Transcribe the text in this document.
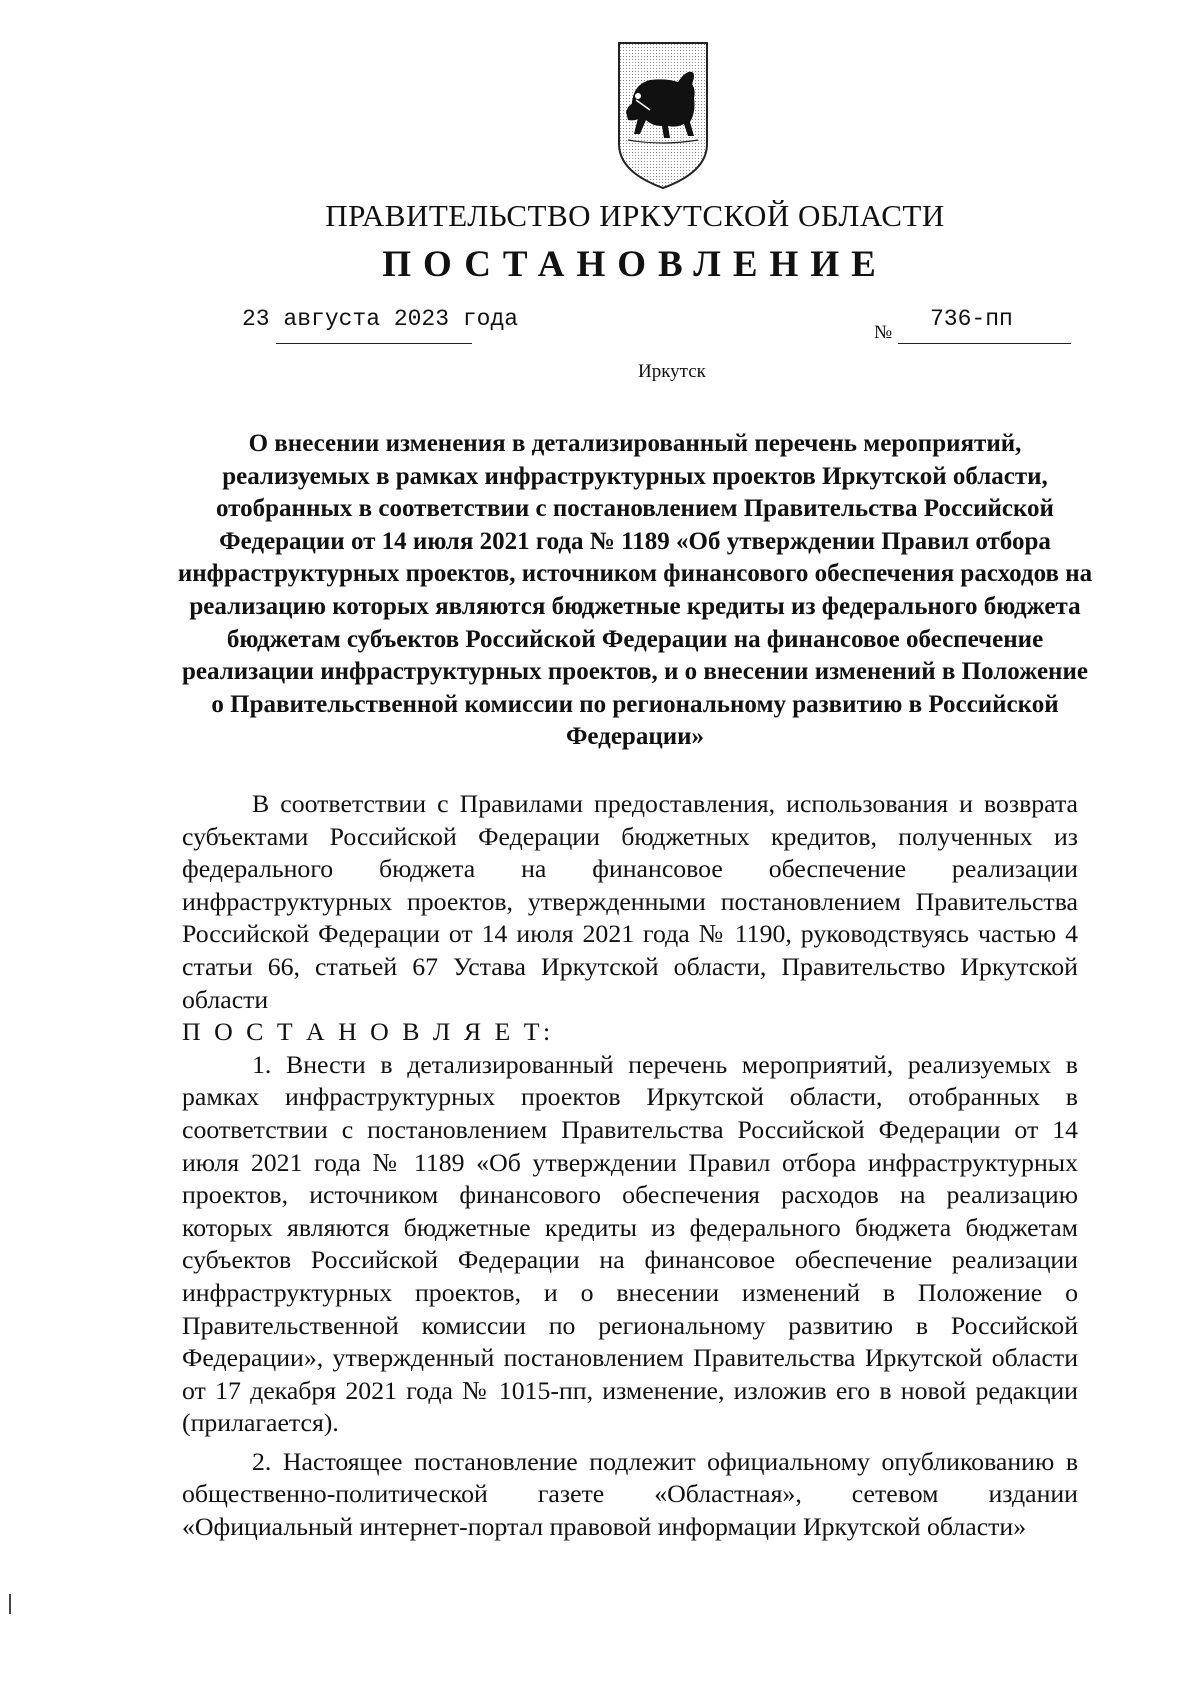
ПРАВИТЕЛЬСТВО ИРКУТСКОЙ ОБЛАСТИ
ПОСТАНОВЛЕНИЕ
23 августа 2023 года
№
736-пп
Иркутск
О внесении изменения в детализированный перечень мероприятий, реализуемых в рамках инфраструктурных проектов Иркутской области, отобранных в соответствии с постановлением Правительства Российской Федерации от 14 июля 2021 года № 1189 «Об утверждении Правил отбора инфраструктурных проектов, источником финансового обеспечения расходов на реализацию которых являются бюджетные кредиты из федерального бюджета бюджетам субъектов Российской Федерации на финансовое обеспечение реализации инфраструктурных проектов, и о внесении изменений в Положение о Правительственной комиссии по региональному развитию в Российской Федерации»

В соответствии с Правилами предоставления, использования и возврата субъектами Российской Федерации бюджетных кредитов, полученных из федерального бюджета на финансовое обеспечение реализации инфраструктурных проектов, утвержденными постановлением Правительства Российской Федерации от 14 июля 2021 года № 1190, руководствуясь частью 4 статьи 66, статьей 67 Устава Иркутской области, Правительство Иркутской области

П О С Т А Н О В Л Я Е Т:

1. Внести в детализированный перечень мероприятий, реализуемых в рамках инфраструктурных проектов Иркутской области, отобранных в соответствии с постановлением Правительства Российской Федерации от 14 июля 2021 года № 1189 «Об утверждении Правил отбора инфраструктурных проектов, источником финансового обеспечения расходов на реализацию которых являются бюджетные кредиты из федерального бюджета бюджетам субъектов Российской Федерации на финансовое обеспечение реализации инфраструктурных проектов, и о внесении изменений в Положение о Правительственной комиссии по региональному развитию в Российской Федерации», утвержденный постановлением Правительства Иркутской области от 17 декабря 2021 года № 1015-пп, изменение, изложив его в новой редакции (прилагается).

2. Настоящее постановление подлежит официальному опубликованию в общественно-политической газете «Областная», сетевом издании «Официальный интернет-портал правовой информации Иркутской области»
